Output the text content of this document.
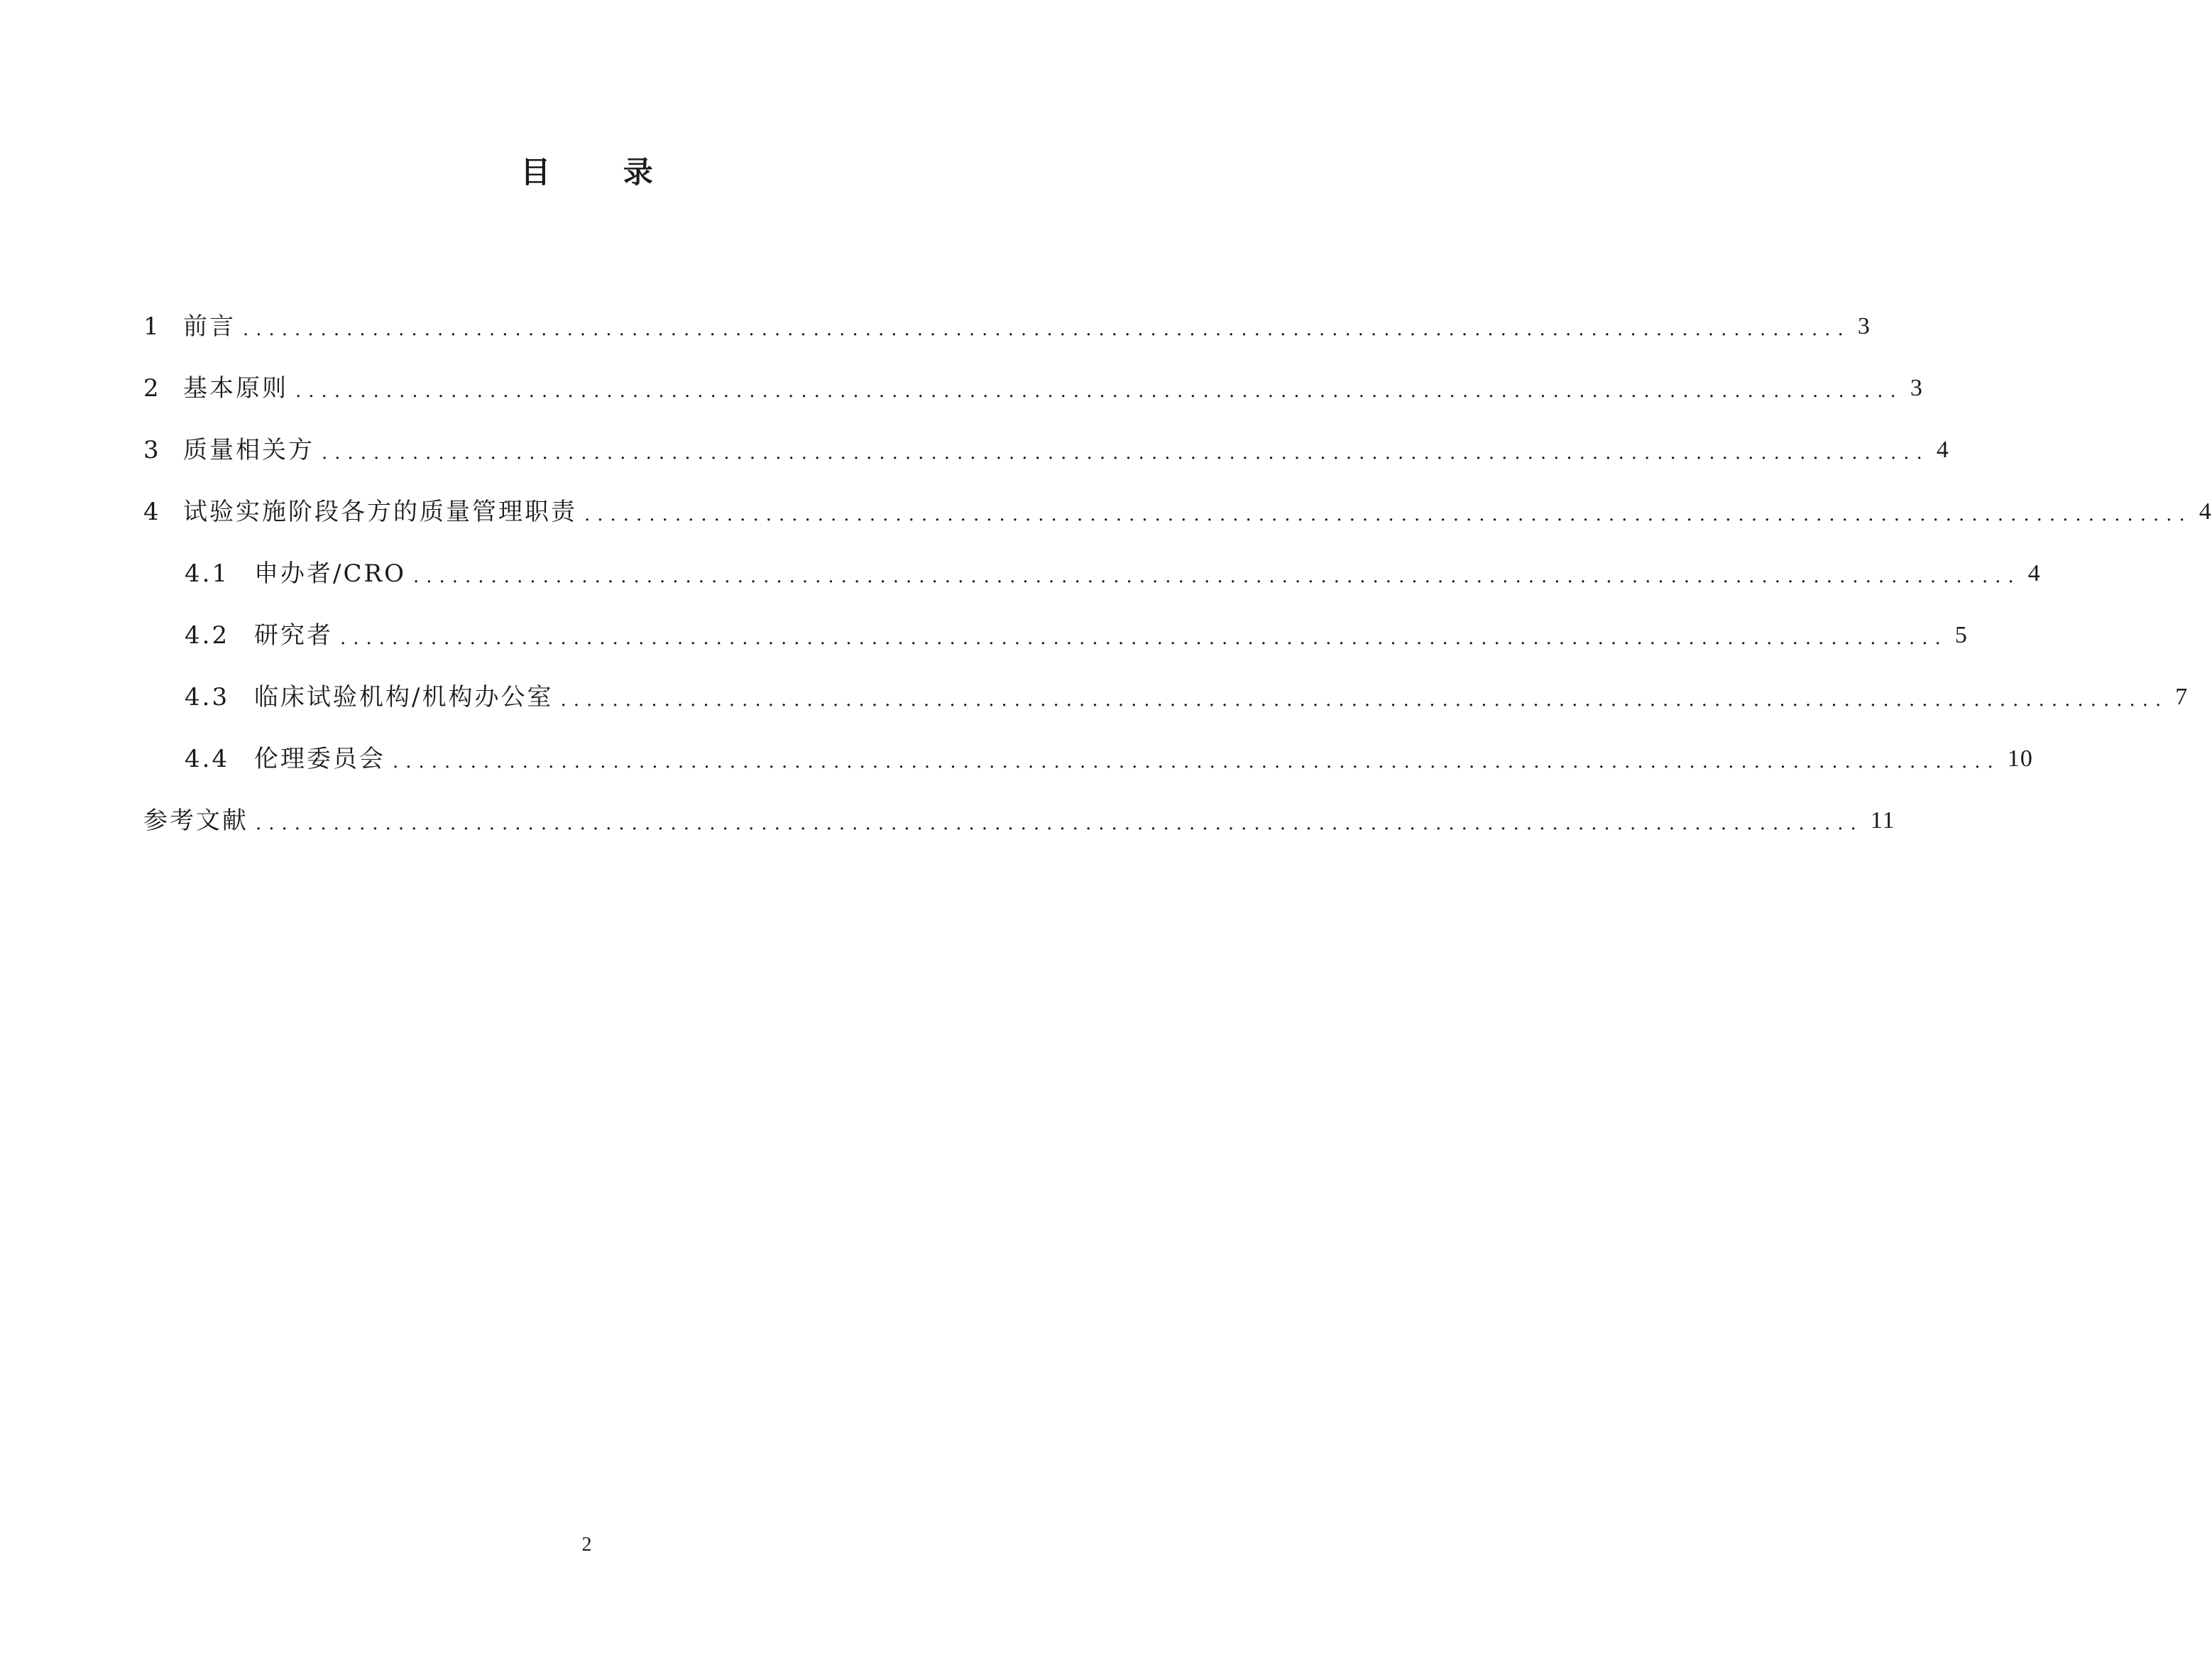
目 录
1 前言 ............................................................................................................................ 3
2 基本原则 ............................................................................................................................ 3
3 质量相关方 ............................................................................................................................ 4
4 试验实施阶段各方的质量管理职责 ............................................................................................................................ 4
4.1 申办者/CRO ............................................................................................................................ 4
4.2 研究者 ............................................................................................................................ 5
4.3 临床试验机构/机构办公室 ............................................................................................................................ 7
4.4 伦理委员会 ............................................................................................................................ 10
参考文献 ............................................................................................................................ 11
2
